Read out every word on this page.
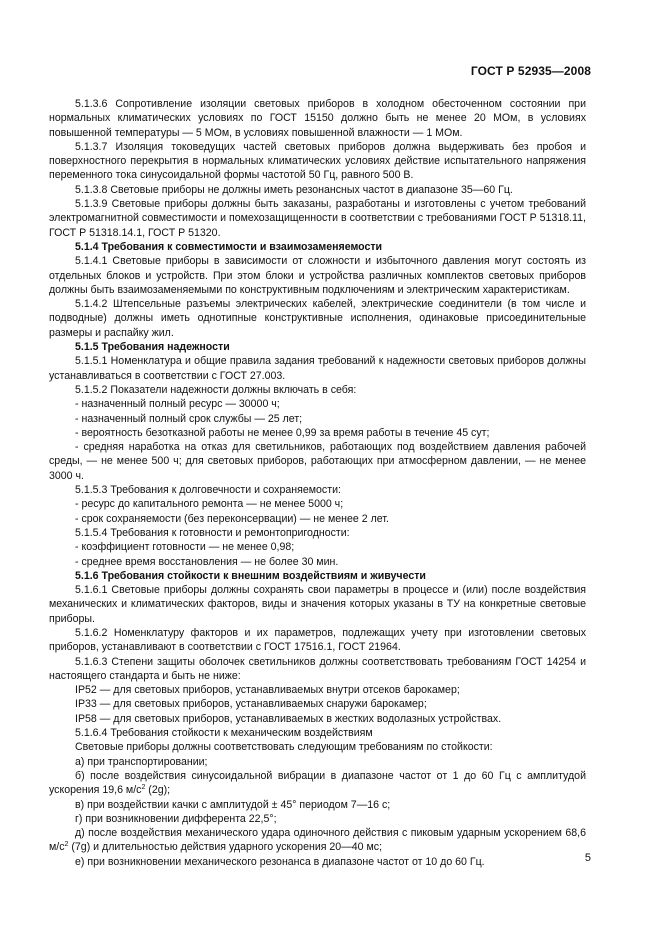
ГОСТ Р 52935—2008

5.1.3.6 Сопротивление изоляции световых приборов в холодном обесточенном состоянии при нормальных климатических условиях по ГОСТ 15150 должно быть не менее 20 МОм, в условиях повышенной температуры — 5 МОм, в условиях повышенной влажности — 1 МОм.

5.1.3.7 Изоляция токоведущих частей световых приборов должна выдерживать без пробоя и поверхностного перекрытия в нормальных климатических условиях действие испытательного напряжения переменного тока синусоидальной формы частотой 50 Гц, равного 500 В.

5.1.3.8 Световые приборы не должны иметь резонансных частот в диапазоне 35—60 Гц.

5.1.3.9 Световые приборы должны быть заказаны, разработаны и изготовлены с учетом требований электромагнитной совместимости и помехозащищенности в соответствии с требованиями ГОСТ Р 51318.11, ГОСТ Р 51318.14.1, ГОСТ Р 51320.

5.1.4 Требования к совместимости и взаимозаменяемости

5.1.4.1 Световые приборы в зависимости от сложности и избыточного давления могут состоять из отдельных блоков и устройств. При этом блоки и устройства различных комплектов световых приборов должны быть взаимозаменяемыми по конструктивным подключениям и электрическим характеристикам.

5.1.4.2 Штепсельные разъемы электрических кабелей, электрические соединители (в том числе и подводные) должны иметь однотипные конструктивные исполнения, одинаковые присоединительные размеры и распайку жил.

5.1.5 Требования надежности

5.1.5.1 Номенклатура и общие правила задания требований к надежности световых приборов должны устанавливаться в соответствии с ГОСТ 27.003.

5.1.5.2 Показатели надежности должны включать в себя:

- назначенный полный ресурс — 30000 ч;

- назначенный полный срок службы — 25 лет;

- вероятность безотказной работы не менее 0,99 за время работы в течение 45 сут;

- средняя наработка на отказ для светильников, работающих под воздействием давления рабочей среды, — не менее 500 ч; для световых приборов, работающих при атмосферном давлении, — не менее 3000 ч.

5.1.5.3 Требования к долговечности и сохраняемости:

- ресурс до капитального ремонта — не менее 5000 ч;

- срок сохраняемости (без переконсервации) — не менее 2 лет.

5.1.5.4 Требования к готовности и ремонтопригодности:

- коэффициент готовности — не менее 0,98;

- среднее время восстановления — не более 30 мин.

5.1.6 Требования стойкости к внешним воздействиям и живучести

5.1.6.1 Световые приборы должны сохранять свои параметры в процессе и (или) после воздействия механических и климатических факторов, виды и значения которых указаны в ТУ на конкретные световые приборы.

5.1.6.2 Номенклатуру факторов и их параметров, подлежащих учету при изготовлении световых приборов, устанавливают в соответствии с ГОСТ 17516.1, ГОСТ 21964.

5.1.6.3 Степени защиты оболочек светильников должны соответствовать требованиям ГОСТ 14254 и настоящего стандарта и быть не ниже:

IP52 — для световых приборов, устанавливаемых внутри отсеков барокамер;

IP33 — для световых приборов, устанавливаемых снаружи барокамер;

IP58 — для световых приборов, устанавливаемых в жестких водолазных устройствах.

5.1.6.4 Требования стойкости к механическим воздействиям

Световые приборы должны соответствовать следующим требованиям по стойкости:

а) при транспортировании;

б) после воздействия синусоидальной вибрации в диапазоне частот от 1 до 60 Гц с амплитудой ускорения 19,6 $м/с^2$ (2g);

в) при воздействии качки с амплитудой ± 45° периодом 7—16 с;

г) при возникновении дифферента 22,5°;

д) после воздействия механического удара одиночного действия с пиковым ударным ускорением 68,6 $м/с^2$ (7g) и длительностью действия ударного ускорения 20—40 мс;

е) при возникновении механического резонанса в диапазоне частот от 10 до 60 Гц.	5
